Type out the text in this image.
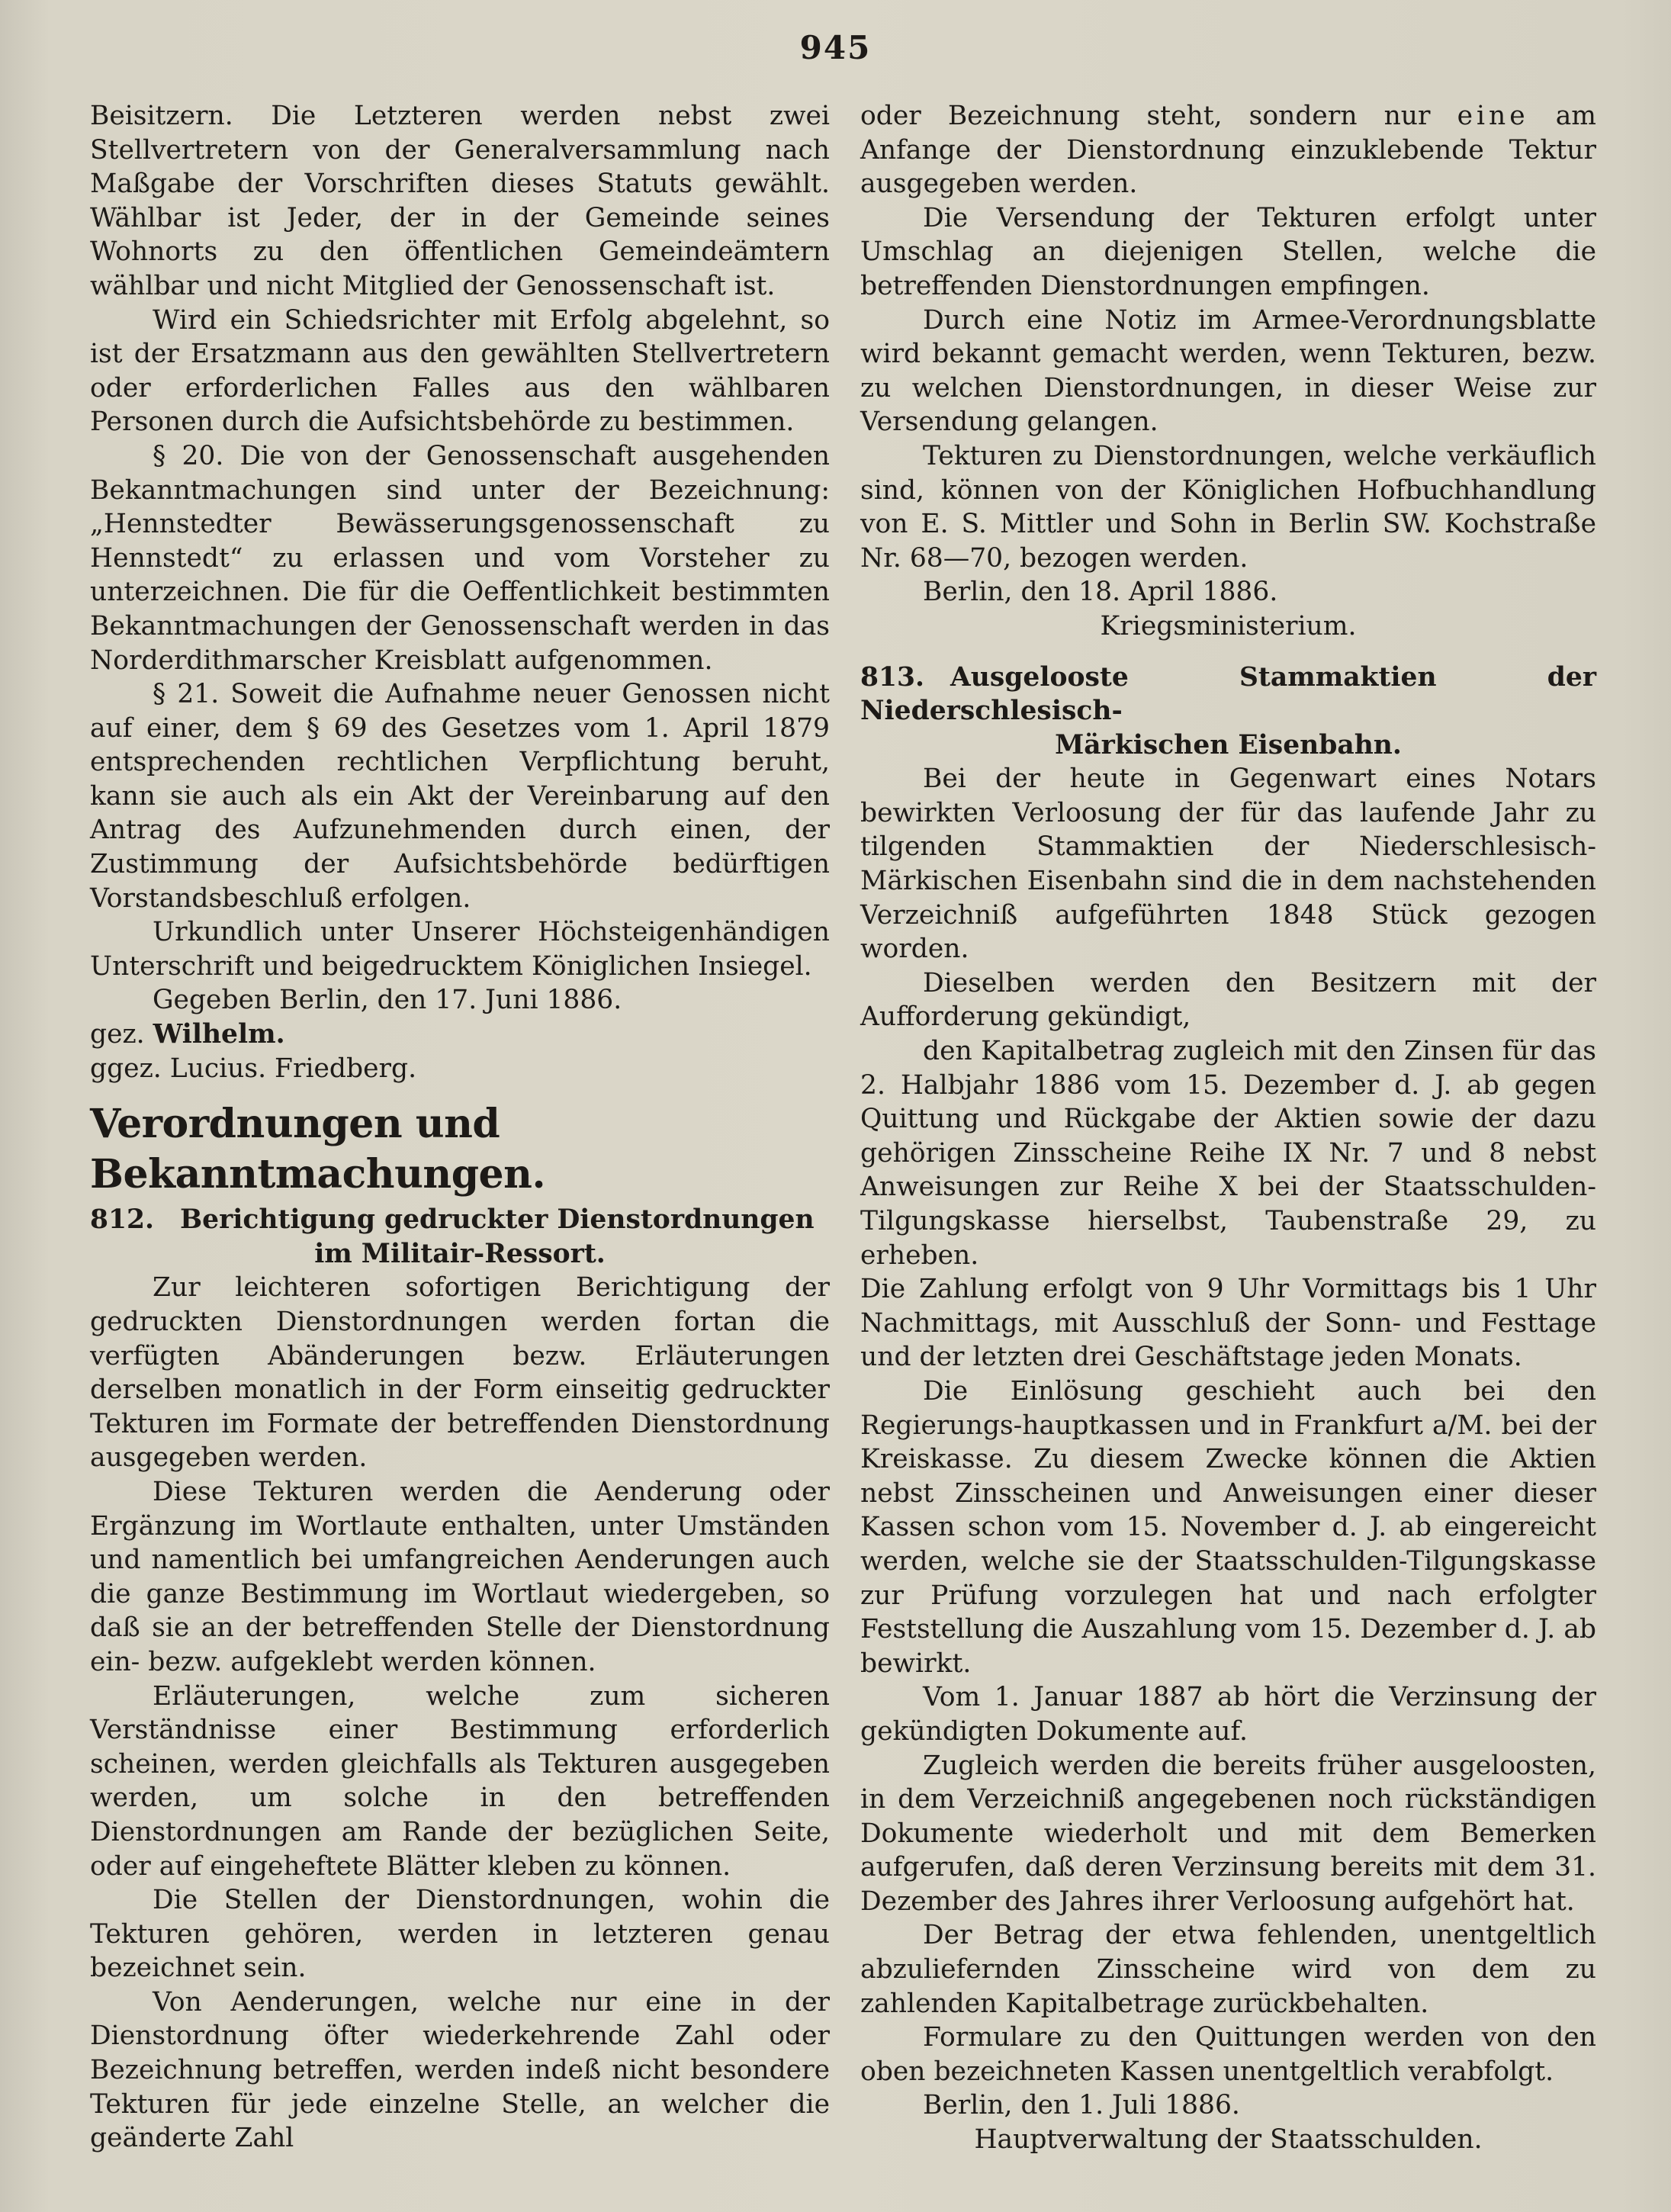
945

Beisitzern. Die Letzteren werden nebst zwei Stellvertretern von der Generalversammlung nach Maßgabe der Vorschriften dieses Statuts gewählt. Wählbar ist Jeder, der in der Gemeinde seines Wohnorts zu den öffentlichen Gemeindeämtern wählbar und nicht Mitglied der Genossenschaft ist.

Wird ein Schiedsrichter mit Erfolg abgelehnt, so ist der Ersatzmann aus den gewählten Stellvertretern oder erforderlichen Falles aus den wählbaren Personen durch die Aufsichtsbehörde zu bestimmen.

§ 20. Die von der Genossenschaft ausgehenden Bekanntmachungen sind unter der Bezeichnung: „Hennstedter Bewässerungsgenossenschaft zu Hennstedt“ zu erlassen und vom Vorsteher zu unterzeichnen. Die für die Oeffentlichkeit bestimmten Bekanntmachungen der Genossenschaft werden in das Norderdithmarscher Kreisblatt aufgenommen.

§ 21. Soweit die Aufnahme neuer Genossen nicht auf einer, dem § 69 des Gesetzes vom 1. April 1879 entsprechenden rechtlichen Verpflichtung beruht, kann sie auch als ein Akt der Vereinbarung auf den Antrag des Aufzunehmenden durch einen, der Zustimmung der Aufsichtsbehörde bedürftigen Vorstandsbeschluß erfolgen.

Urkundlich unter Unserer Höchsteigenhändigen Unterschrift und beigedrucktem Königlichen Insiegel.

Gegeben Berlin, den 17. Juni 1886.

gez. Wilhelm.

ggez. Lucius. Friedberg.

Verordnungen und Bekanntmachungen.

812. Berichtigung gedruckter Dienstordnungen
im Militair-Ressort.

Zur leichteren sofortigen Berichtigung der gedruckten Dienstordnungen werden fortan die verfügten Abänderungen bezw. Erläuterungen derselben monatlich in der Form einseitig gedruckter Tekturen im Formate der betreffenden Dienstordnung ausgegeben werden.

Diese Tekturen werden die Aenderung oder Ergänzung im Wortlaute enthalten, unter Umständen und namentlich bei umfangreichen Aenderungen auch die ganze Bestimmung im Wortlaut wiedergeben, so daß sie an der betreffenden Stelle der Dienstordnung ein- bezw. aufgeklebt werden können.

Erläuterungen, welche zum sicheren Verständnisse einer Bestimmung erforderlich scheinen, werden gleichfalls als Tekturen ausgegeben werden, um solche in den betreffenden Dienstordnungen am Rande der bezüglichen Seite, oder auf eingeheftete Blätter kleben zu können.

Die Stellen der Dienstordnungen, wohin die Tekturen gehören, werden in letzteren genau bezeichnet sein.

Von Aenderungen, welche nur eine in der Dienstordnung öfter wiederkehrende Zahl oder Bezeichnung betreffen, werden indeß nicht besondere Tekturen für jede einzelne Stelle, an welcher die geänderte Zahl

oder Bezeichnung steht, sondern nur eine am Anfange der Dienstordnung einzuklebende Tektur ausgegeben werden.

Die Versendung der Tekturen erfolgt unter Umschlag an diejenigen Stellen, welche die betreffenden Dienstordnungen empfingen.

Durch eine Notiz im Armee-Verordnungsblatte wird bekannt gemacht werden, wenn Tekturen, bezw. zu welchen Dienstordnungen, in dieser Weise zur Versendung gelangen.

Tekturen zu Dienstordnungen, welche verkäuflich sind, können von der Königlichen Hofbuchhandlung von E. S. Mittler und Sohn in Berlin SW. Kochstraße Nr. 68—70, bezogen werden.

Berlin, den 18. April 1886.

Kriegsministerium.

813. Ausgelooste Stammaktien der Niederschlesisch-
Märkischen Eisenbahn.

Bei der heute in Gegenwart eines Notars bewirkten Verloosung der für das laufende Jahr zu tilgenden Stammaktien der Niederschlesisch-Märkischen Eisenbahn sind die in dem nachstehenden Verzeichniß aufgeführten 1848 Stück gezogen worden.

Dieselben werden den Besitzern mit der Aufforderung gekündigt,

den Kapitalbetrag zugleich mit den Zinsen für das 2. Halbjahr 1886 vom 15. Dezember d. J. ab gegen Quittung und Rückgabe der Aktien sowie der dazu gehörigen Zinsscheine Reihe IX Nr. 7 und 8 nebst Anweisungen zur Reihe X bei der Staatsschulden-Tilgungskasse hierselbst, Taubenstraße 29, zu erheben.

Die Zahlung erfolgt von 9 Uhr Vormittags bis 1 Uhr Nachmittags, mit Ausschluß der Sonn- und Festtage und der letzten drei Geschäftstage jeden Monats.

Die Einlösung geschieht auch bei den Regierungs-hauptkassen und in Frankfurt a/M. bei der Kreiskasse. Zu diesem Zwecke können die Aktien nebst Zinsscheinen und Anweisungen einer dieser Kassen schon vom 15. November d. J. ab eingereicht werden, welche sie der Staatsschulden-Tilgungskasse zur Prüfung vorzulegen hat und nach erfolgter Feststellung die Auszahlung vom 15. Dezember d. J. ab bewirkt.

Vom 1. Januar 1887 ab hört die Verzinsung der gekündigten Dokumente auf.

Zugleich werden die bereits früher ausgeloosten, in dem Verzeichniß angegebenen noch rückständigen Dokumente wiederholt und mit dem Bemerken aufgerufen, daß deren Verzinsung bereits mit dem 31. Dezember des Jahres ihrer Verloosung aufgehört hat.

Der Betrag der etwa fehlenden, unentgeltlich abzuliefernden Zinsscheine wird von dem zu zahlenden Kapitalbetrage zurückbehalten.

Formulare zu den Quittungen werden von den oben bezeichneten Kassen unentgeltlich verabfolgt.

Berlin, den 1. Juli 1886.

Hauptverwaltung der Staatsschulden.
